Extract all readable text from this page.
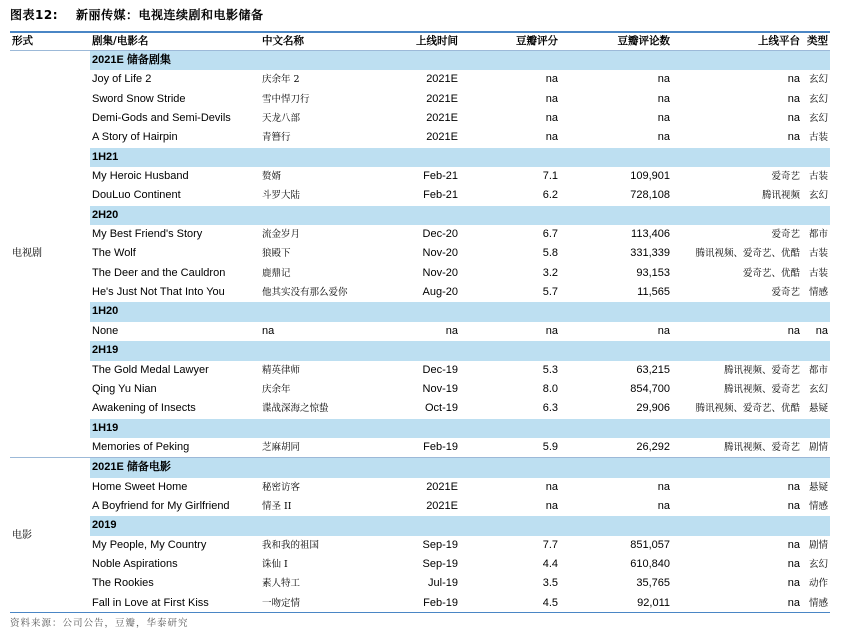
图表12: 新丽传媒：电视连续剧和电影储备
形式	剧集/电影名	中文名称	上线时间	豆瓣评分	豆瓣评论数	上线平台	类型
电视剧	2021E 储备剧集						
	Joy of Life 2	庆余年 2	2021E	na	na	na	玄幻
	Sword Snow Stride	雪中悍刀行	2021E	na	na	na	玄幻
	Demi-Gods and Semi-Devils	天龙八部	2021E	na	na	na	玄幻
	A Story of Hairpin	青簪行	2021E	na	na	na	古装
	1H21						
	My Heroic Husband	赘婿	Feb-21	7.1	109,901	爱奇艺	古装
	DouLuo Continent	斗罗大陆	Feb-21	6.2	728,108	腾讯视频	玄幻
	2H20						
	My Best Friend's Story	流金岁月	Dec-20	6.7	113,406	爱奇艺	都市
	The Wolf	狼殿下	Nov-20	5.8	331,339	腾讯视频、爱奇艺、优酷	古装
	The Deer and the Cauldron	鹿鼎记	Nov-20	3.2	93,153	爱奇艺、优酷	古装
	He's Just Not That Into You	他其实没有那么爱你	Aug-20	5.7	11,565	爱奇艺	情感
	1H20						
	None	na	na	na	na	na	na
	2H19						
	The Gold Medal Lawyer	精英律师	Dec-19	5.3	63,215	腾讯视频、爱奇艺	都市
	Qing Yu Nian	庆余年	Nov-19	8.0	854,700	腾讯视频、爱奇艺	玄幻
	Awakening of Insects	谍战深海之惊蛰	Oct-19	6.3	29,906	腾讯视频、爱奇艺、优酷	悬疑
	1H19						
	Memories of Peking	芝麻胡同	Feb-19	5.9	26,292	腾讯视频、爱奇艺	剧情
电影	2021E 储备电影						
	Home Sweet Home	秘密访客	2021E	na	na	na	悬疑
	A Boyfriend for My Girlfriend	情圣 II	2021E	na	na	na	情感
	2019						
	My People, My Country	我和我的祖国	Sep-19	7.7	851,057	na	剧情
	Noble Aspirations	诛仙 I	Sep-19	4.4	610,840	na	玄幻
	The Rookies	素人特工	Jul-19	3.5	35,765	na	动作
	Fall in Love at First Kiss	一吻定情	Feb-19	4.5	92,011	na	情感
资料来源：公司公告，豆瓣，华泰研究
